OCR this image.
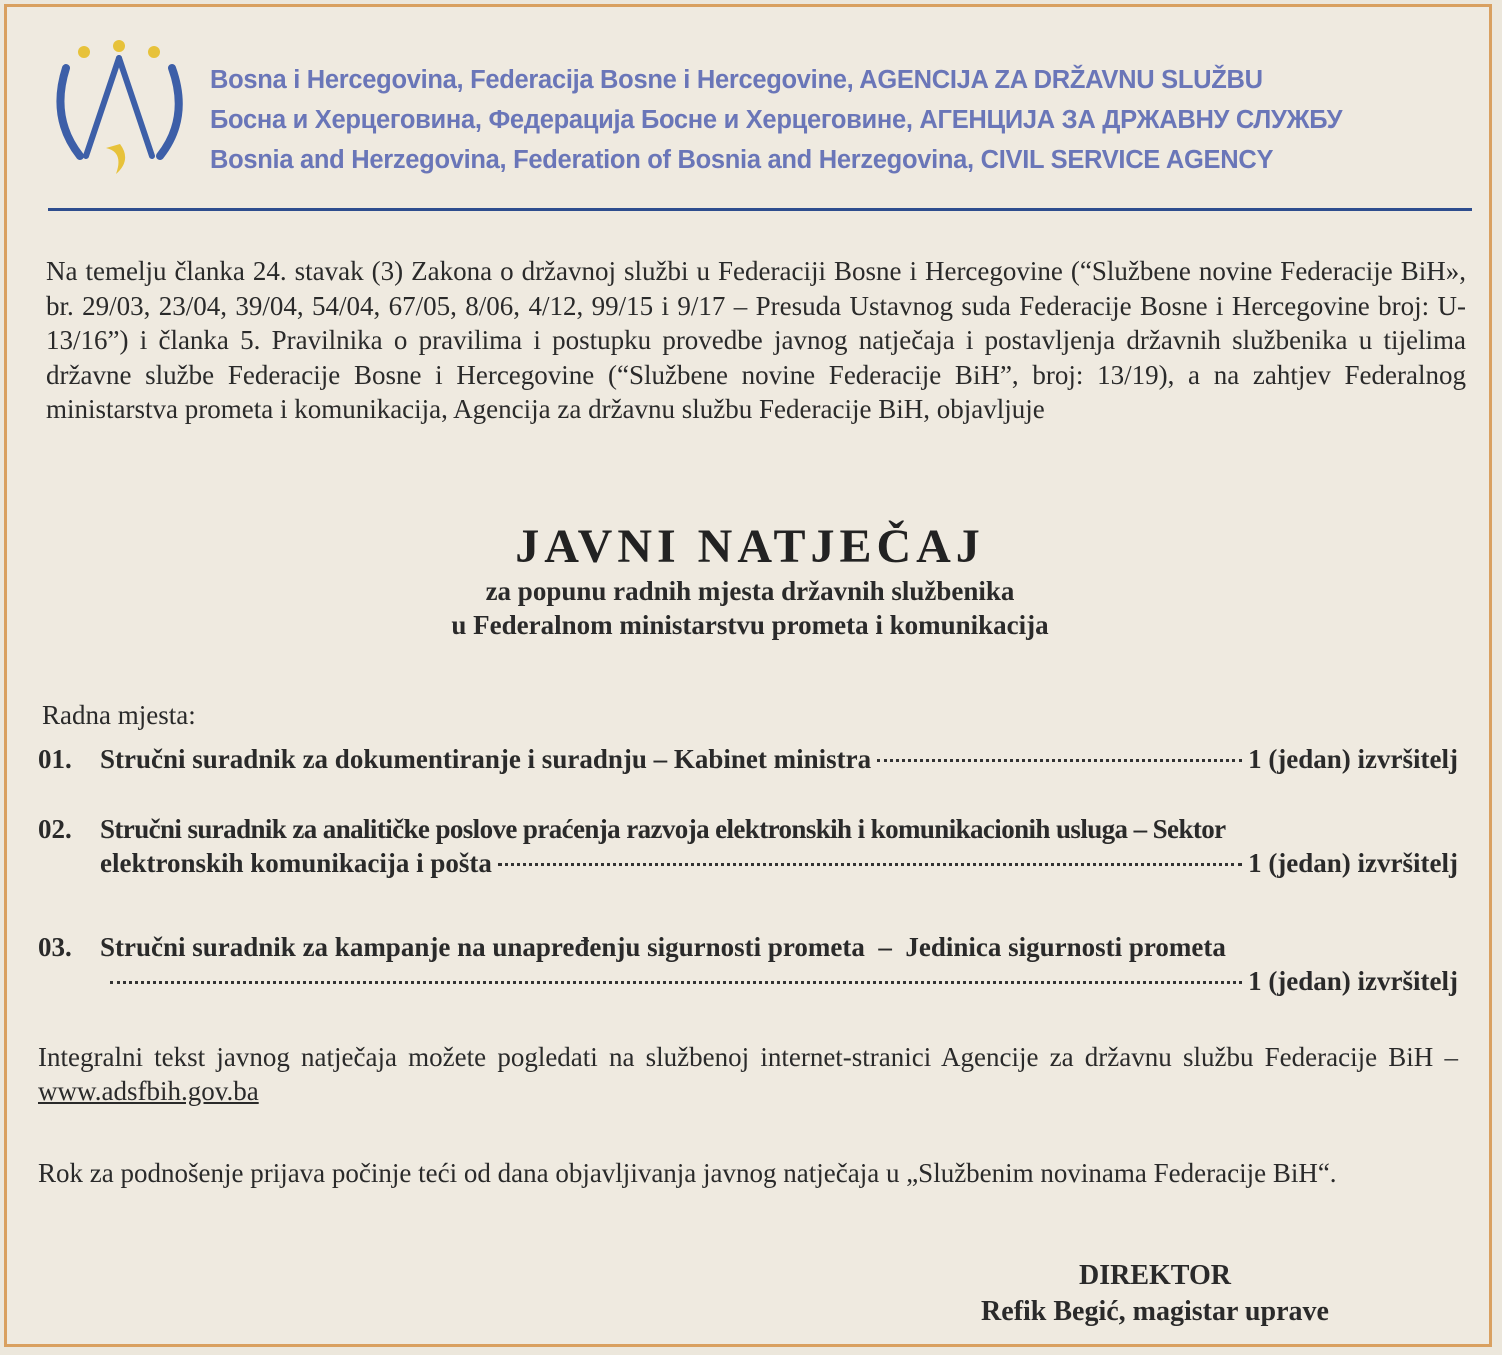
Bosna i Hercegovina, Federacija Bosne i Hercegovine, AGENCIJA ZA DRŽAVNU SLUŽBU
Босна и Херцеговина, Федерација Босне и Херцеговине, АГЕНЦИЈА ЗА ДРЖАВНУ СЛУЖБУ
Bosnia and Herzegovina, Federation of Bosnia and Herzegovina, CIVIL SERVICE AGENCY
Na temelju članka 24. stavak (3) Zakona o državnoj službi u Federaciji Bosne i Hercegovine (“Službene novine Federacije BiH», br. 29/03, 23/04, 39/04, 54/04, 67/05, 8/06, 4/12, 99/15 i 9/17 – Presuda Ustavnog suda Federacije Bosne i Hercegovine broj: U-13/16”) i članka 5. Pravilnika o pravilima i postupku provedbe javnog natječaja i postavljenja državnih službenika u tijelima državne službe Federacije Bosne i Hercegovine (“Službene novine Federacije BiH”, broj: 13/19), a na zahtjev Federalnog ministarstva prometa i komunikacija, Agencija za državnu službu Federacije BiH, objavljuje
JAVNI NATJEČAJ
za popunu radnih mjesta državnih službenika
u Federalnom ministarstvu prometa i komunikacija
Radna mjesta:
01. Stručni suradnik za dokumentiranje i suradnju – Kabinet ministra	1 (jedan) izvršitelj
02. Stručni suradnik za analitičke poslove praćenja razvoja elektronskih i komunikacionih usluga – Sektor
elektronskih komunikacija i pošta	1 (jedan) izvršitelj
03. Stručni suradnik za kampanje na unapređenju sigurnosti prometa  –  Jedinica sigurnosti prometa
1 (jedan) izvršitelj
Integralni tekst javnog natječaja možete pogledati na službenoj internet-stranici Agencije za državnu službu Federacije BiH – www.adsfbih.gov.ba
Rok za podnošenje prijava počinje teći od dana objavljivanja javnog natječaja u „Službenim novinama Federacije BiH“.
DIREKTOR
Refik Begić, magistar uprave
